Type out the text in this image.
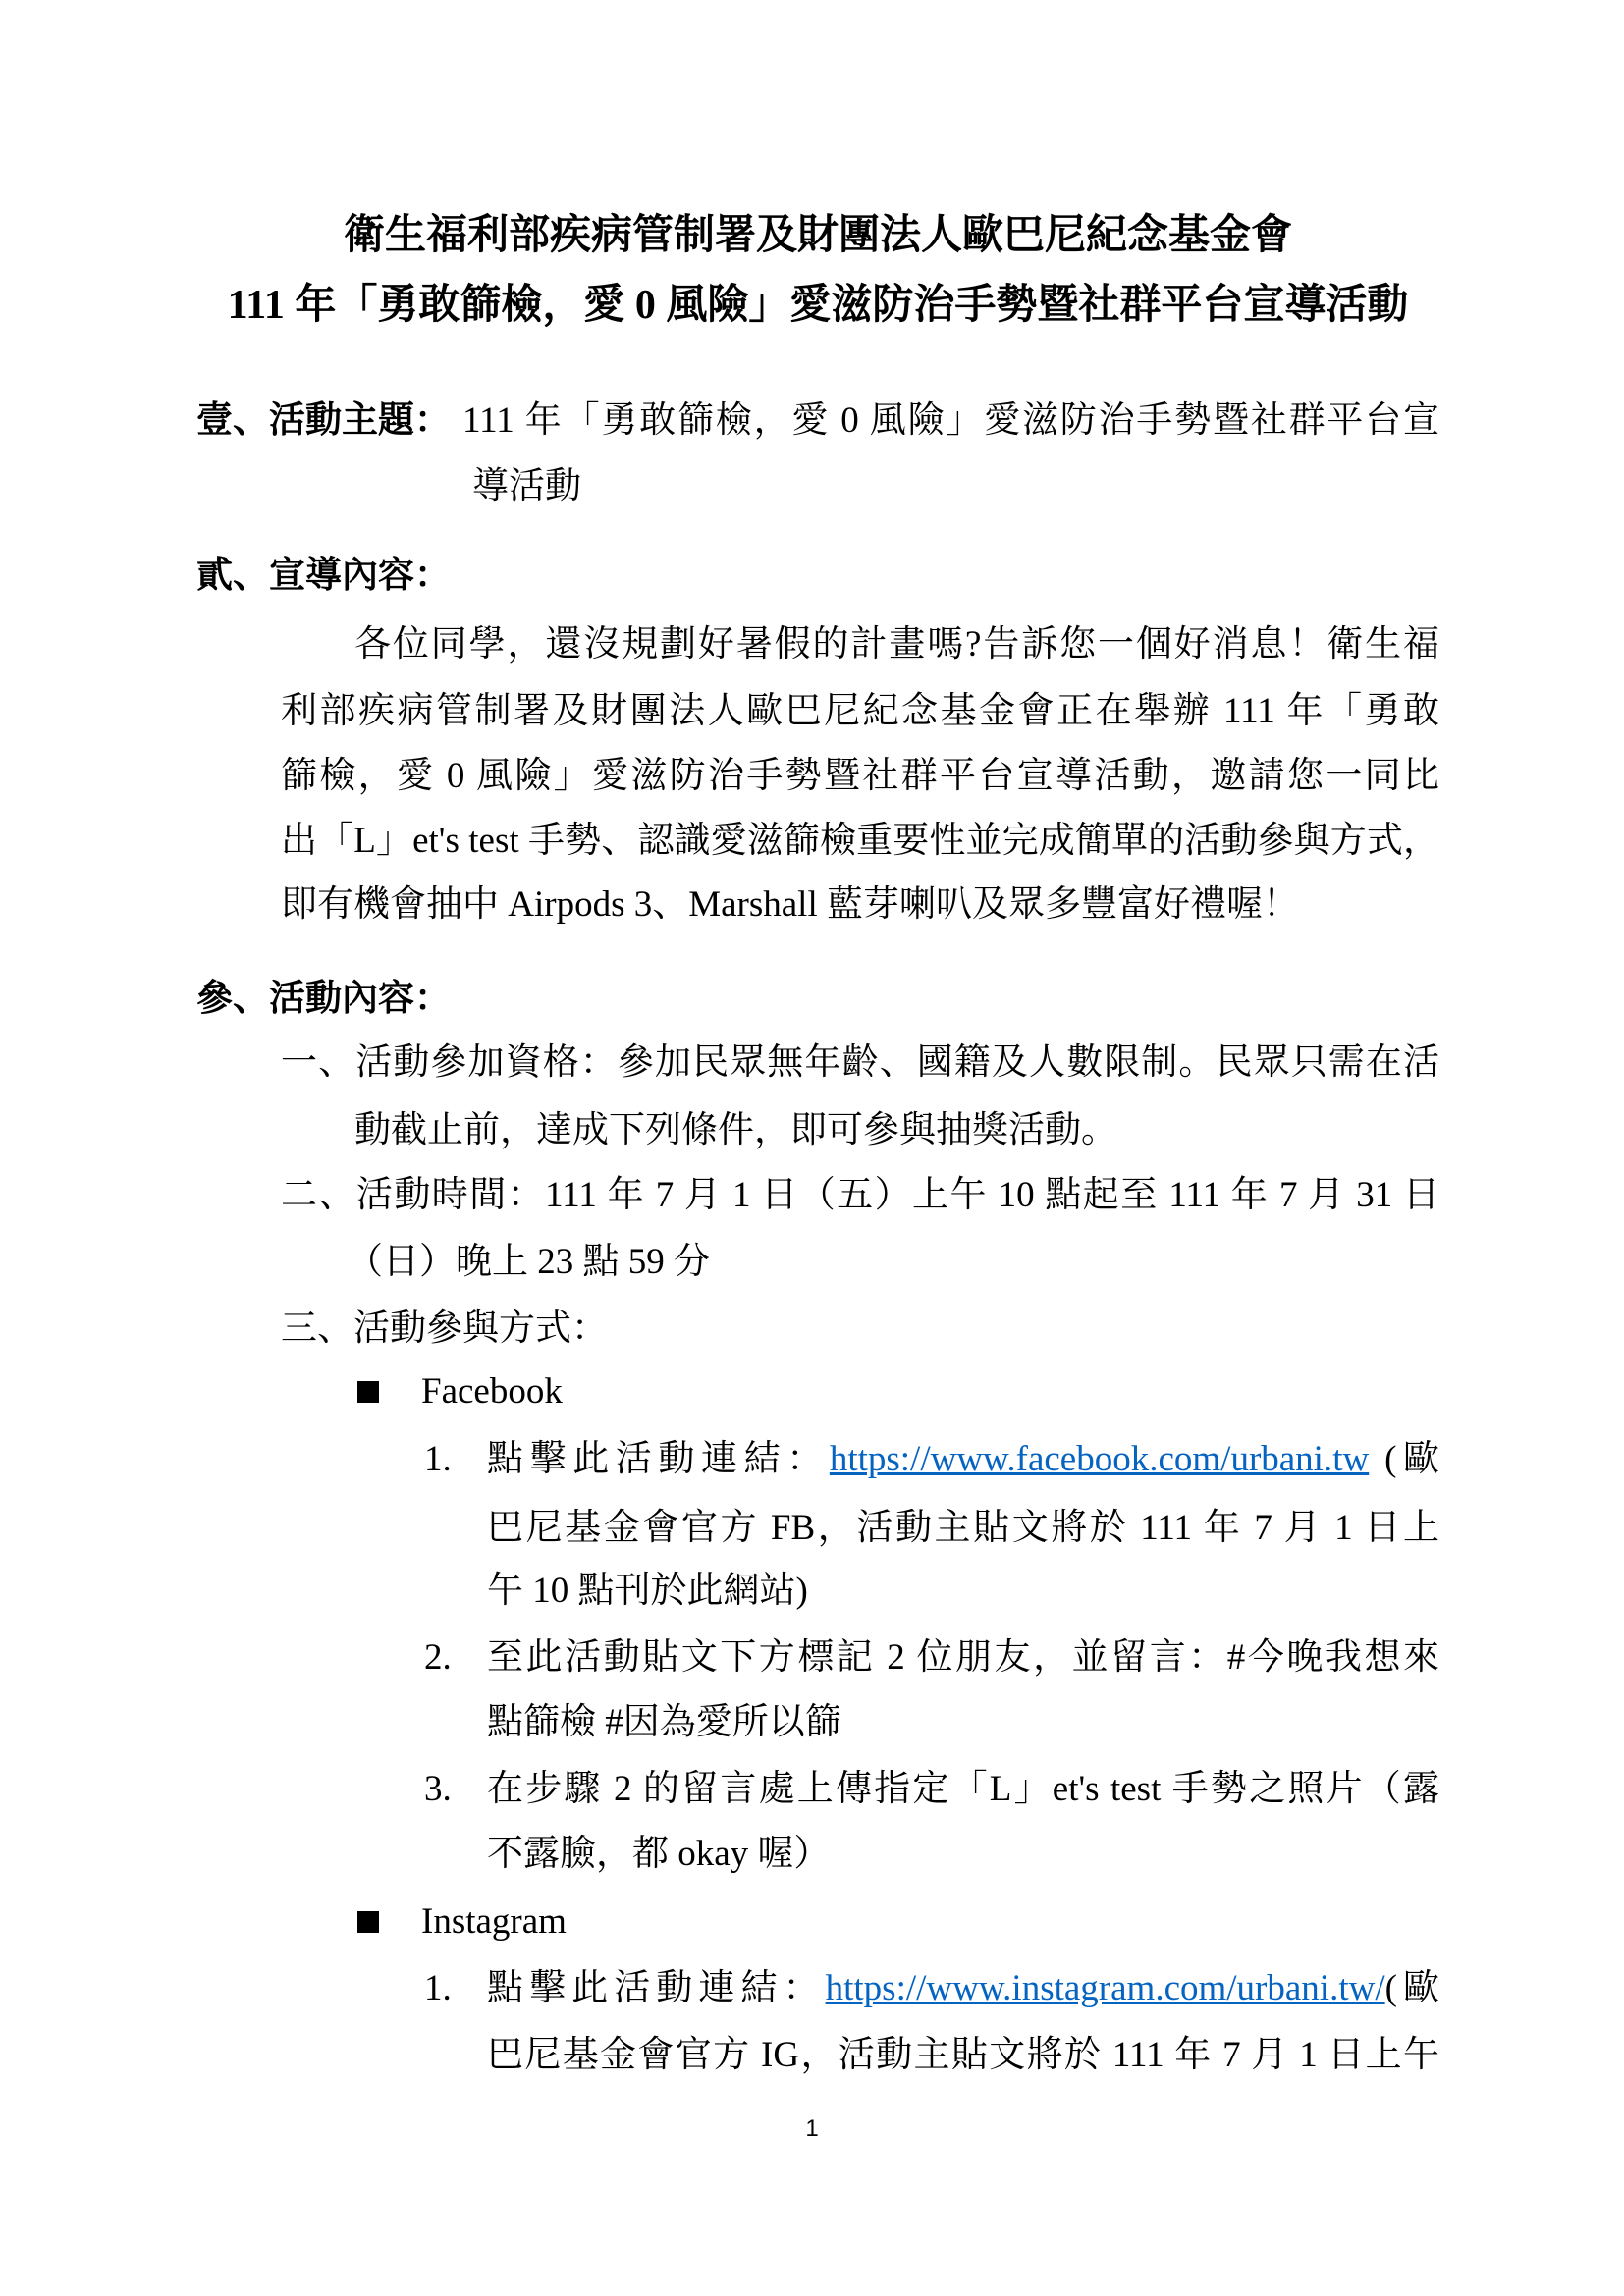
衛生福利部疾病管制署及財團法人歐巴尼紀念基金會
111 年「勇敢篩檢，愛 0 風險」愛滋防治手勢暨社群平台宣導活動
壹、活動主題： 111 年「勇敢篩檢，愛 0 風險」愛滋防治手勢暨社群平台宣
導活動
貳、宣導內容：
各位同學，還沒規劃好暑假的計畫嗎?告訴您一個好消息！衛生福
利部疾病管制署及財團法人歐巴尼紀念基金會正在舉辦 111 年「勇敢
篩檢，愛 0 風險」愛滋防治手勢暨社群平台宣導活動，邀請您一同比
出「L」et's test 手勢、認識愛滋篩檢重要性並完成簡單的活動參與方式，
即有機會抽中 Airpods 3、Marshall 藍芽喇叭及眾多豐富好禮喔！
參、活動內容：
一、活動參加資格：參加民眾無年齡、國籍及人數限制。民眾只需在活
動截止前，達成下列條件，即可參與抽獎活動。
二、活動時間：111 年 7 月 1 日（五）上午 10 點起至 111 年 7 月 31 日
（日）晚上 23 點 59 分
三、活動參與方式：
Facebook
1. 點擊此活動連結：https://www.facebook.com/urbani.tw (歐
巴尼基金會官方 FB，活動主貼文將於 111 年 7 月 1 日上
午 10 點刊於此網站)
2. 至此活動貼文下方標記 2 位朋友，並留言：#今晚我想來
點篩檢 #因為愛所以篩
3. 在步驟 2 的留言處上傳指定「L」et's test 手勢之照片（露
不露臉，都 okay 喔）
Instagram
1. 點擊此活動連結：https://www.instagram.com/urbani.tw/(歐
巴尼基金會官方 IG，活動主貼文將於 111 年 7 月 1 日上午
1
